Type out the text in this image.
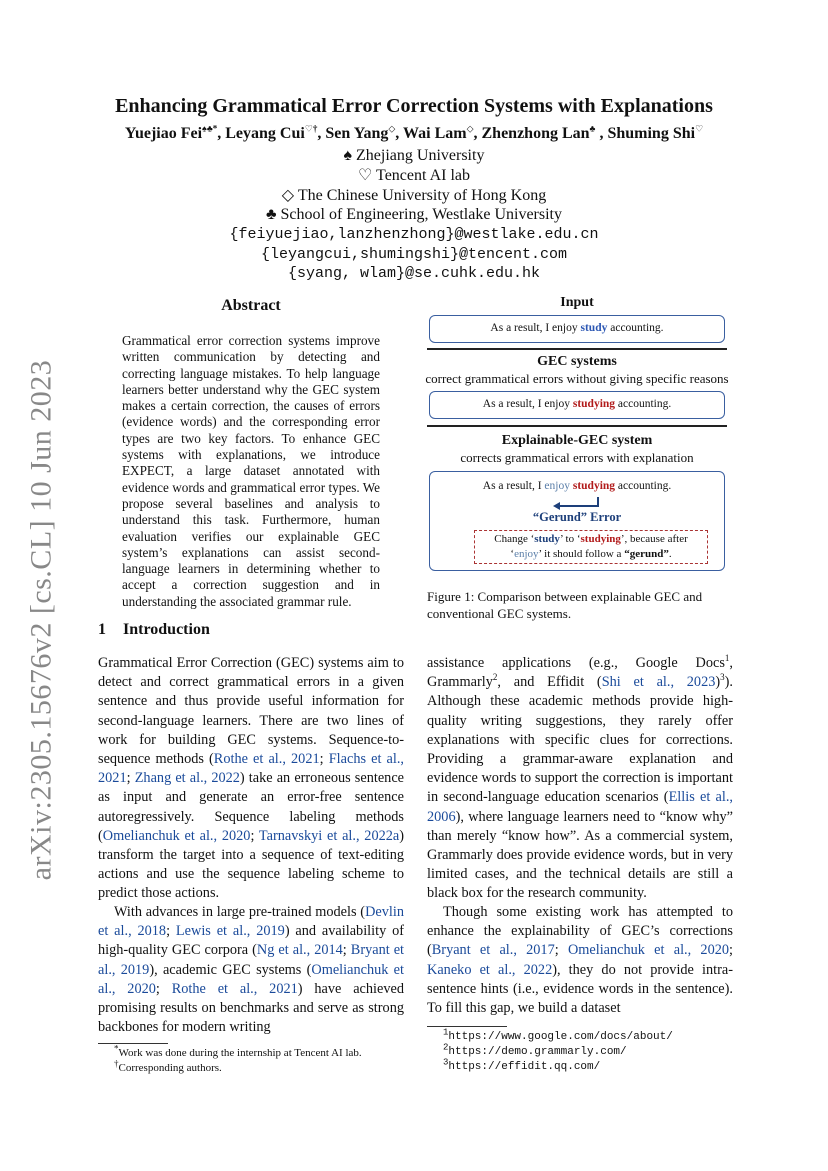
arXiv:2305.15676v2 [cs.CL] 10 Jun 2023
Enhancing Grammatical Error Correction Systems with Explanations
Yuejiao Fei♠♣*, Leyang Cui♡†, Sen Yang◇, Wai Lam◇, Zhenzhong Lan♣ , Shuming Shi♡
♠ Zhejiang University
♡ Tencent AI lab
◇ The Chinese University of Hong Kong
♣ School of Engineering, Westlake University
{feiyuejiao,lanzhenzhong}@westlake.edu.cn
{leyangcui,shumingshi}@tencent.com
{syang, wlam}@se.cuhk.edu.hk
Abstract
Grammatical error correction systems improve written communication by detecting and correcting language mistakes. To help language learners better understand why the GEC system makes a certain correction, the causes of errors (evidence words) and the corresponding error types are two key factors. To enhance GEC systems with explanations, we introduce EXPECT, a large dataset annotated with evidence words and grammatical error types. We propose several baselines and analysis to understand this task. Furthermore, human evaluation verifies our explainable GEC system’s explanations can assist second-language learners in determining whether to accept a correction suggestion and in understanding the associated grammar rule.
1 Introduction
Grammatical Error Correction (GEC) systems aim to detect and correct grammatical errors in a given sentence and thus provide useful information for second-language learners. There are two lines of work for building GEC systems. Sequence-to-sequence methods (Rothe et al., 2021; Flachs et al., 2021; Zhang et al., 2022) take an erroneous sentence as input and generate an error-free sentence autoregressively. Sequence labeling methods (Omelianchuk et al., 2020; Tarnavskyi et al., 2022a) transform the target into a sequence of text-editing actions and use the sequence labeling scheme to predict those actions.
With advances in large pre-trained models (Devlin et al., 2018; Lewis et al., 2019) and availability of high-quality GEC corpora (Ng et al., 2014; Bryant et al., 2019), academic GEC systems (Omelianchuk et al., 2020; Rothe et al., 2021) have achieved promising results on benchmarks and serve as strong backbones for modern writing
*Work was done during the internship at Tencent AI lab.
†Corresponding authors.
assistance applications (e.g., Google Docs$^1$, Grammarly$^2$, and Effidit (Shi et al., 2023)$^3$). Although these academic methods provide high-quality writing suggestions, they rarely offer explanations with specific clues for corrections. Providing a grammar-aware explanation and evidence words to support the correction is important in second-language education scenarios (Ellis et al., 2006), where language learners need to “know why” than merely “know how”. As a commercial system, Grammarly does provide evidence words, but in very limited cases, and the technical details are still a black box for the research community.
Though some existing work has attempted to enhance the explainability of GEC’s corrections (Bryant et al., 2017; Omelianchuk et al., 2020; Kaneko et al., 2022), they do not provide intra-sentence hints (i.e., evidence words in the sentence). To fill this gap, we build a dataset
$^1$https://www.google.com/docs/about/
$^2$https://demo.grammarly.com/
$^3$https://effidit.qq.com/
Input
As a result, I enjoy study accounting.
GEC systems
correct grammatical errors without giving specific reasons
As a result, I enjoy studying accounting.
Explainable-GEC system
corrects grammatical errors with explanation
As a result, I enjoy studying accounting.
“Gerund” Error
Change ‘study’ to ‘studying’, because after
‘enjoy’ it should follow a “gerund”.
Figure 1: Comparison between explainable GEC and conventional GEC systems.
